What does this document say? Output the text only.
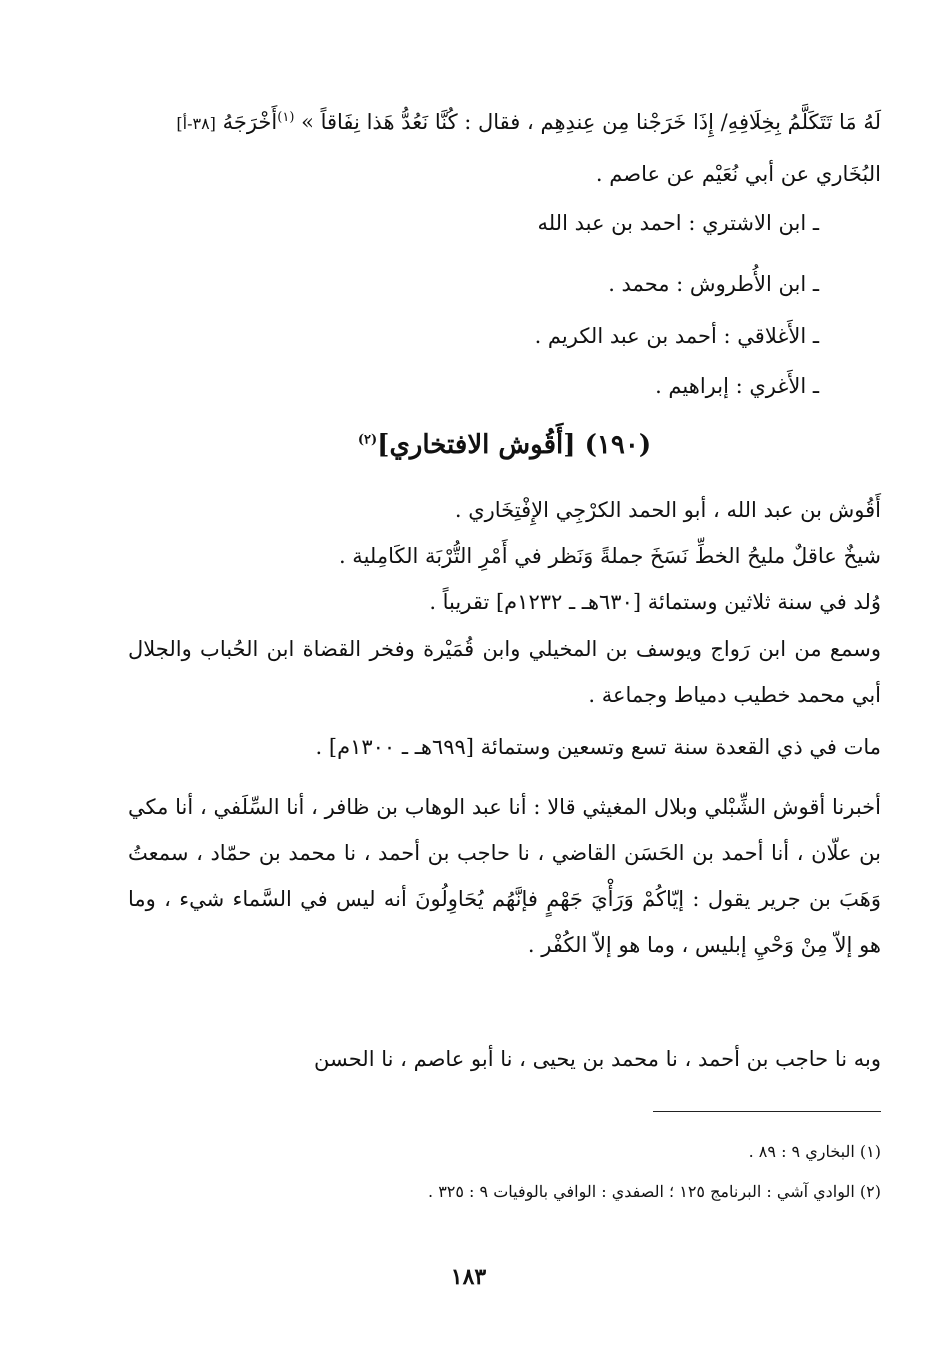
لَهُ مَا تَتَكَلَّمُ بِخِلَافِهِ/ إِذَا خَرَجْنا مِن عِندِهِم ، فقال : كُنَّا نَعُدُّ هَذا نِفَاقاً » $^{(١)}$أَخْرَجَهُ [٣٨-أ]
البُخَاري عن أبي نُعَيْم عن عاصم .
ـ ابن الاشتري : احمد بن عبد الله
ـ ابن الأُطروش : محمد .
ـ الأَغلاقي : أحمد بن عبد الكريم .
ـ الأَغري : إبراهيم .
(١٩٠) [أَقُوش الافتخاري]$^{(٢)}$
أَقُوش بن عبد الله ، أبو الحمد الكرْجِي الإِفْتِخَاري .
شيخٌ عاقلٌ مليحُ الخطِّ نَسَخَ جملةً وَنَظر في أَمْرِ التُّرْبَة الكَامِلية .
وُلد في سنة ثلاثين وستمائة [٦٣٠هـ ـ ١٢٣٢م] تقريباً .
وسمع من ابن رَواج ويوسف بن المخيلي وابن قُمَيْرة وفخر القضاة ابن الحُباب والجلال أبي محمد خطيب دمياط وجماعة .
مات في ذي القعدة سنة تسع وتسعين وستمائة [٦٩٩هـ ـ ١٣٠٠م] .
أخبرنا أقوش الشِّبْلي وبلال المغيثي قالا : أنا عبد الوهاب بن ظافر ، أنا السِّلَفي ، أنا مكي بن علّان ، أنا أحمد بن الحَسَن القاضي ، نا حاجب بن أحمد ، نا محمد بن حمّاد ، سمعتُ وَهَبَ بن جرير يقول : إيّاكُمْ وَرَأْيَ جَهْمٍ فإنَّهُم يُحَاوِلُونَ أنه ليس في السَّماء شيء ، وما هو إلاّ مِنْ وَحْيِ إبليس ، وما هو إلاّ الكُفْر .
وبه نا حاجب بن أحمد ، نا محمد بن يحيى ، نا أبو عاصم ، نا الحسن
(١) البخاري ٩ : ٨٩ .
(٢) الوادي آشي : البرنامج ١٢٥ ؛ الصفدي : الوافي بالوفيات ٩ : ٣٢٥ .
١٨٣
